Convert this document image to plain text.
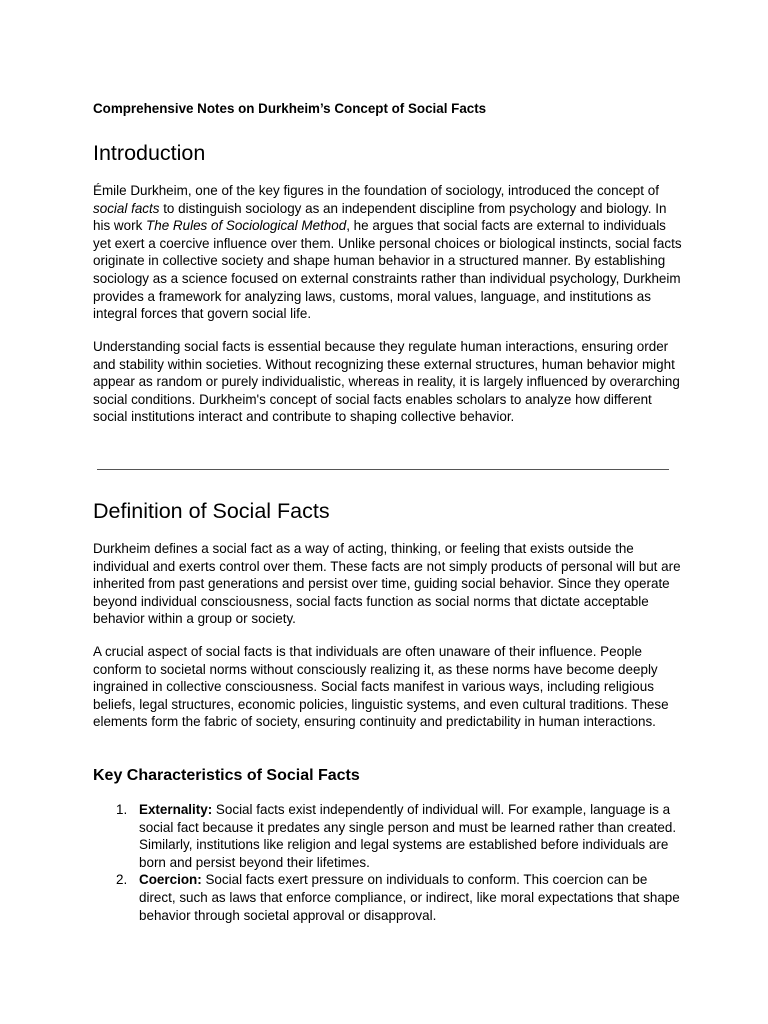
Comprehensive Notes on Durkheim’s Concept of Social Facts

Introduction

Émile Durkheim, one of the key figures in the foundation of sociology, introduced the concept of social facts to distinguish sociology as an independent discipline from psychology and biology. In his work The Rules of Sociological Method, he argues that social facts are external to individuals yet exert a coercive influence over them. Unlike personal choices or biological instincts, social facts originate in collective society and shape human behavior in a structured manner. By establishing sociology as a science focused on external constraints rather than individual psychology, Durkheim provides a framework for analyzing laws, customs, moral values, language, and institutions as integral forces that govern social life.

Understanding social facts is essential because they regulate human interactions, ensuring order and stability within societies. Without recognizing these external structures, human behavior might appear as random or purely individualistic, whereas in reality, it is largely influenced by overarching social conditions. Durkheim's concept of social facts enables scholars to analyze how different social institutions interact and contribute to shaping collective behavior.

Definition of Social Facts

Durkheim defines a social fact as a way of acting, thinking, or feeling that exists outside the individual and exerts control over them. These facts are not simply products of personal will but are inherited from past generations and persist over time, guiding social behavior. Since they operate beyond individual consciousness, social facts function as social norms that dictate acceptable behavior within a group or society.

A crucial aspect of social facts is that individuals are often unaware of their influence. People conform to societal norms without consciously realizing it, as these norms have become deeply ingrained in collective consciousness. Social facts manifest in various ways, including religious beliefs, legal structures, economic policies, linguistic systems, and even cultural traditions. These elements form the fabric of society, ensuring continuity and predictability in human interactions.

Key Characteristics of Social Facts
1. Externality: Social facts exist independently of individual will. For example, language is a social fact because it predates any single person and must be learned rather than created. Similarly, institutions like religion and legal systems are established before individuals are born and persist beyond their lifetimes.
2. Coercion: Social facts exert pressure on individuals to conform. This coercion can be direct, such as laws that enforce compliance, or indirect, like moral expectations that shape behavior through societal approval or disapproval.
